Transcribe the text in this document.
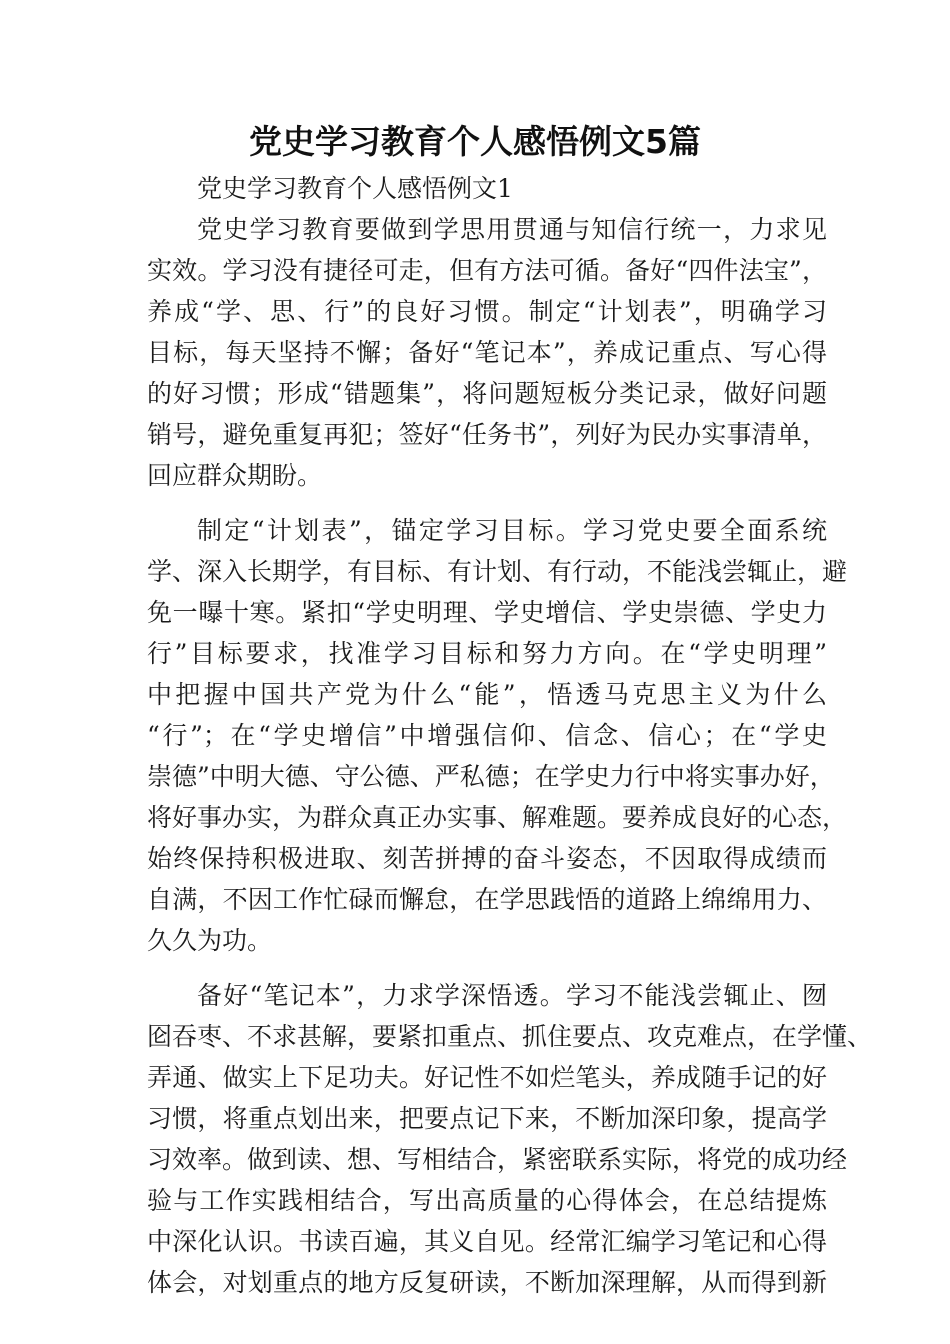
党史学习教育个人感悟例文5篇
党史学习教育个人感悟例文1
党史学习教育要做到学思用贯通与知信行统一，力求见
实效。学习没有捷径可走，但有方法可循。备好“四件法宝”，
养成“学、思、行”的良好习惯。制定“计划表”，明确学习
目标，每天坚持不懈；备好“笔记本”，养成记重点、写心得
的好习惯；形成“错题集”，将问题短板分类记录，做好问题
销号，避免重复再犯；签好“任务书”，列好为民办实事清单，
回应群众期盼。
制定“计划表”，锚定学习目标。学习党史要全面系统
学、深入长期学，有目标、有计划、有行动，不能浅尝辄止，避
免一曝十寒。紧扣“学史明理、学史增信、学史崇德、学史力
行”目标要求，找准学习目标和努力方向。在“学史明理”
中把握中国共产党为什么“能”，悟透马克思主义为什么
“行”；在“学史增信”中增强信仰、信念、信心；在“学史
崇德”中明大德、守公德、严私德；在学史力行中将实事办好，
将好事办实，为群众真正办实事、解难题。要养成良好的心态，
始终保持积极进取、刻苦拼搏的奋斗姿态，不因取得成绩而
自满，不因工作忙碌而懈怠，在学思践悟的道路上绵绵用力、
久久为功。
备好“笔记本”，力求学深悟透。学习不能浅尝辄止、囫
囵吞枣、不求甚解，要紧扣重点、抓住要点、攻克难点，在学懂、
弄通、做实上下足功夫。好记性不如烂笔头，养成随手记的好
习惯，将重点划出来，把要点记下来，不断加深印象，提高学
习效率。做到读、想、写相结合，紧密联系实际，将党的成功经
验与工作实践相结合，写出高质量的心得体会，在总结提炼
中深化认识。书读百遍，其义自见。经常汇编学习笔记和心得
体会，对划重点的地方反复研读，不断加深理解，从而得到新
